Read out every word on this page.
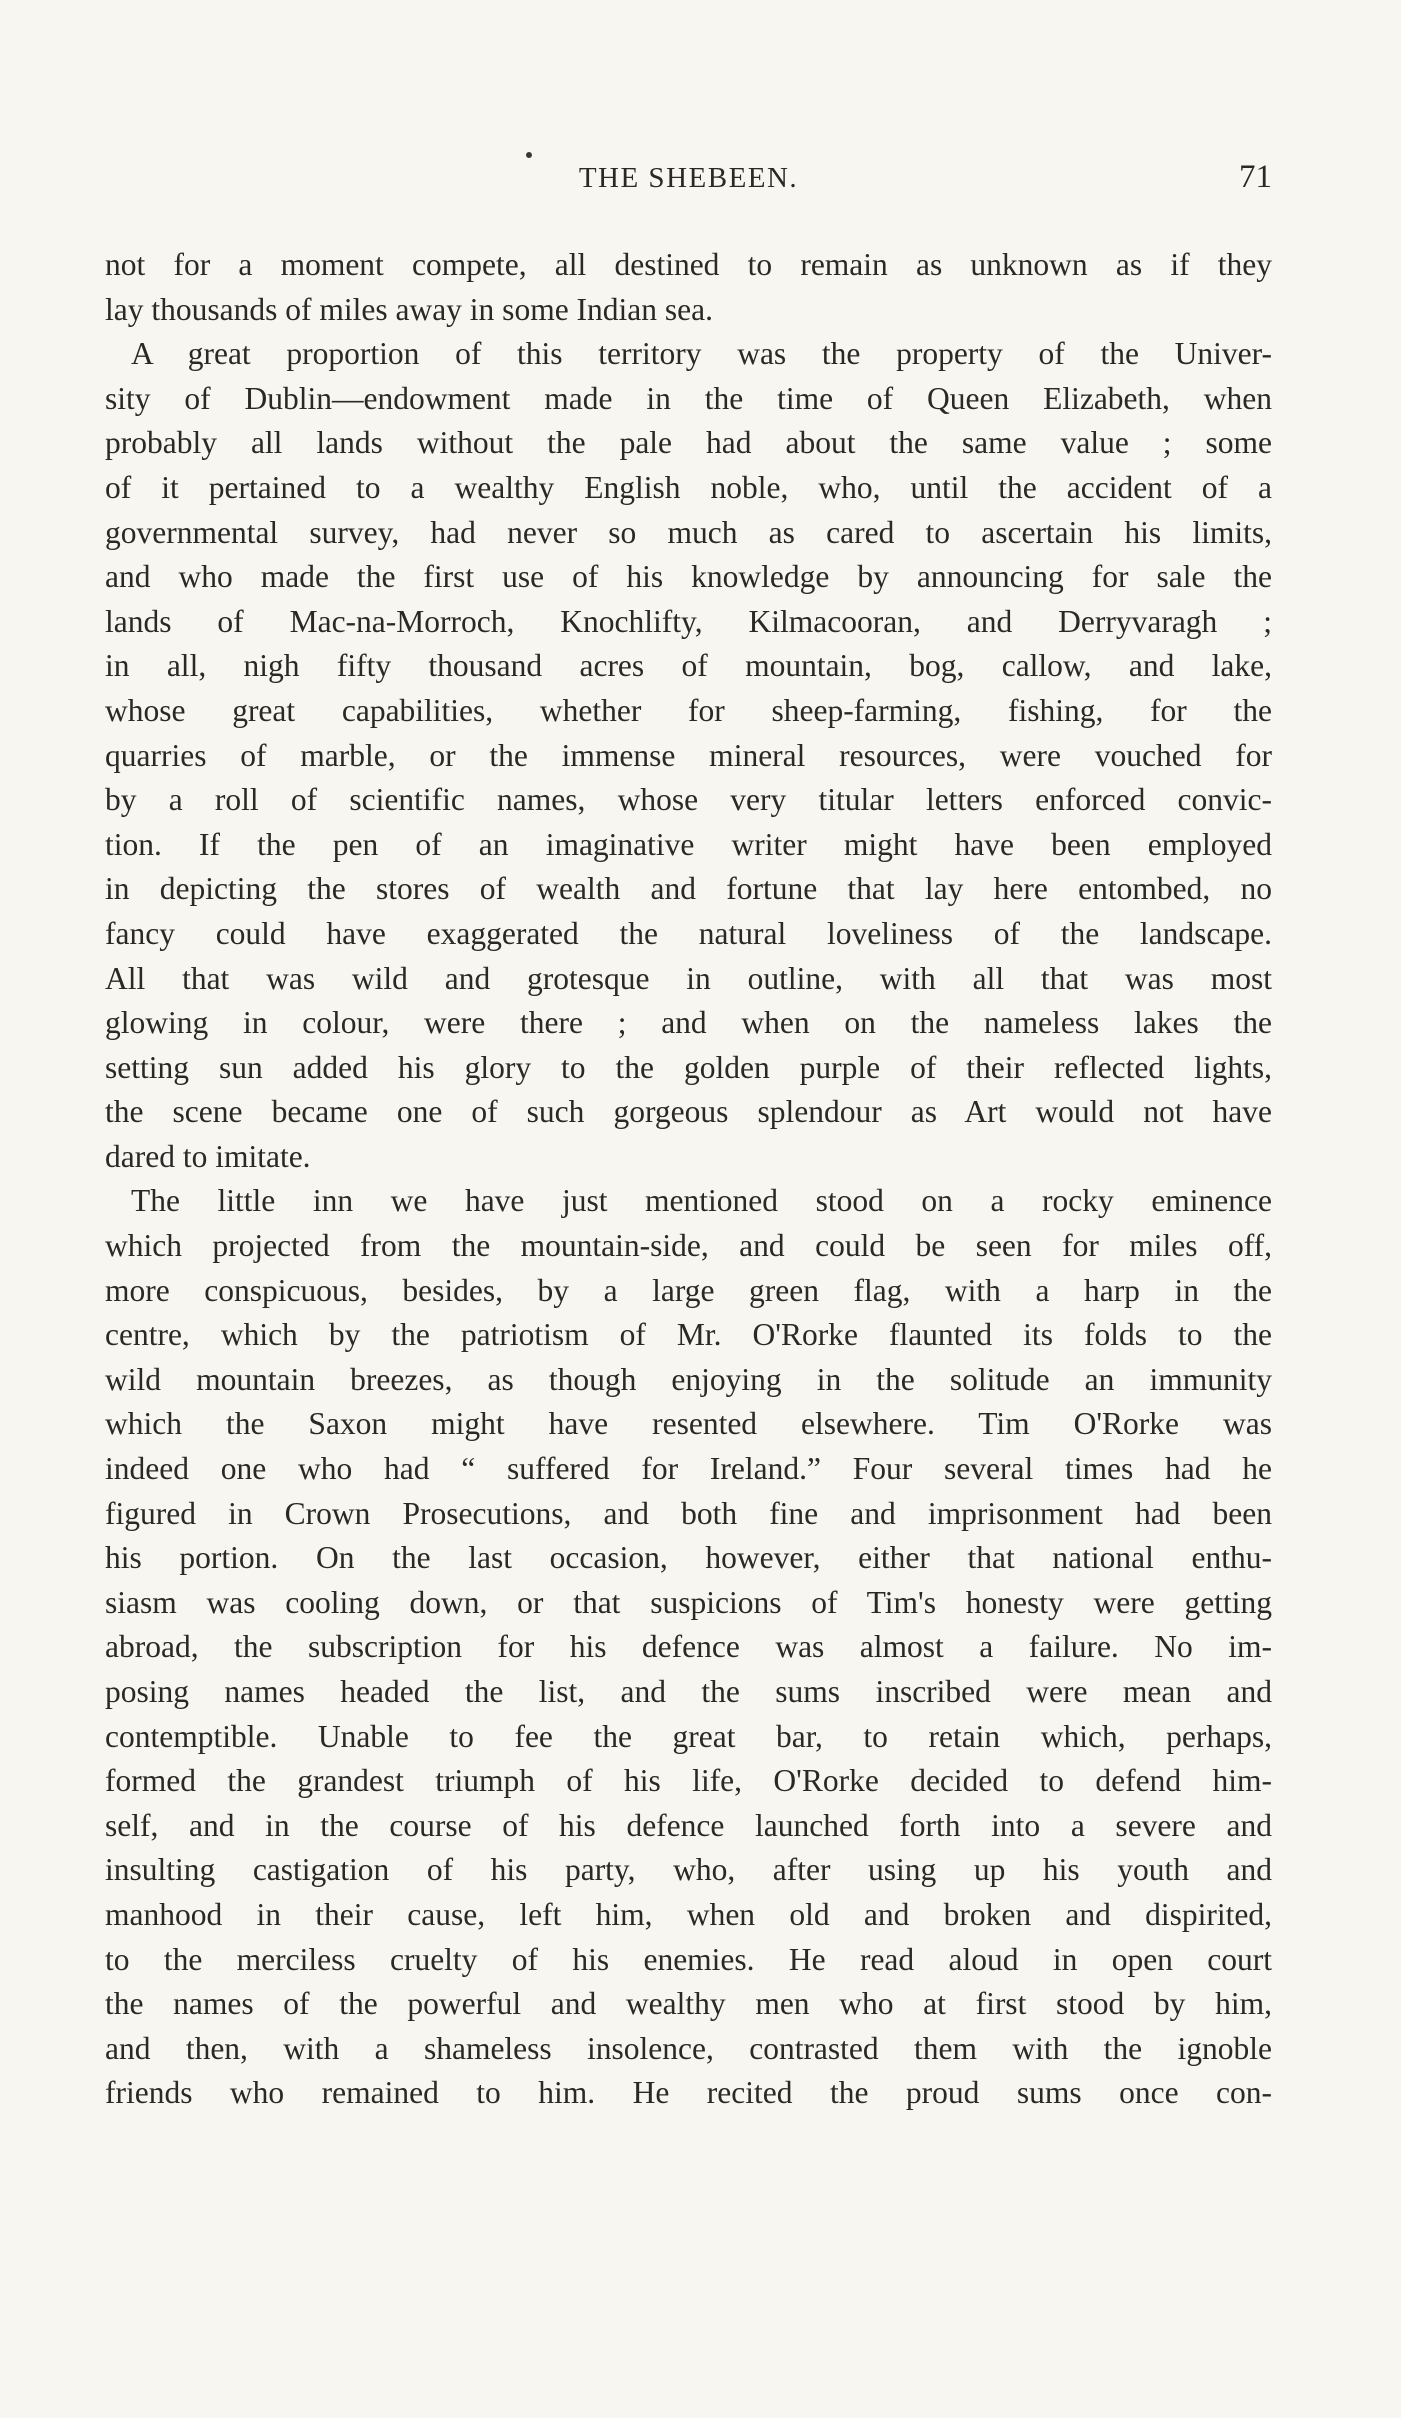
THE SHEBEEN.	71
not for a moment compete, all destined to remain as unknown as if they
lay thousands of miles away in some Indian sea.
A great proportion of this territory was the property of the Univer-
sity of Dublin—endowment made in the time of Queen Elizabeth, when
probably all lands without the pale had about the same value ; some
of it pertained to a wealthy English noble, who, until the accident of a
governmental survey, had never so much as cared to ascertain his limits,
and who made the first use of his knowledge by announcing for sale the
lands of Mac-na-Morroch, Knochlifty, Kilmacooran, and Derryvaragh ;
in all, nigh fifty thousand acres of mountain, bog, callow, and lake,
whose great capabilities, whether for sheep-farming, fishing, for the
quarries of marble, or the immense mineral resources, were vouched for
by a roll of scientific names, whose very titular letters enforced convic-
tion. If the pen of an imaginative writer might have been employed
in depicting the stores of wealth and fortune that lay here entombed, no
fancy could have exaggerated the natural loveliness of the landscape.
All that was wild and grotesque in outline, with all that was most
glowing in colour, were there ; and when on the nameless lakes the
setting sun added his glory to the golden purple of their reflected lights,
the scene became one of such gorgeous splendour as Art would not have
dared to imitate.
The little inn we have just mentioned stood on a rocky eminence
which projected from the mountain-side, and could be seen for miles off,
more conspicuous, besides, by a large green flag, with a harp in the
centre, which by the patriotism of Mr. O'Rorke flaunted its folds to the
wild mountain breezes, as though enjoying in the solitude an immunity
which the Saxon might have resented elsewhere. Tim O'Rorke was
indeed one who had “ suffered for Ireland.” Four several times had he
figured in Crown Prosecutions, and both fine and imprisonment had been
his portion. On the last occasion, however, either that national enthu-
siasm was cooling down, or that suspicions of Tim's honesty were getting
abroad, the subscription for his defence was almost a failure. No im-
posing names headed the list, and the sums inscribed were mean and
contemptible. Unable to fee the great bar, to retain which, perhaps,
formed the grandest triumph of his life, O'Rorke decided to defend him-
self, and in the course of his defence launched forth into a severe and
insulting castigation of his party, who, after using up his youth and
manhood in their cause, left him, when old and broken and dispirited,
to the merciless cruelty of his enemies. He read aloud in open court
the names of the powerful and wealthy men who at first stood by him,
and then, with a shameless insolence, contrasted them with the ignoble
friends who remained to him. He recited the proud sums once con-
